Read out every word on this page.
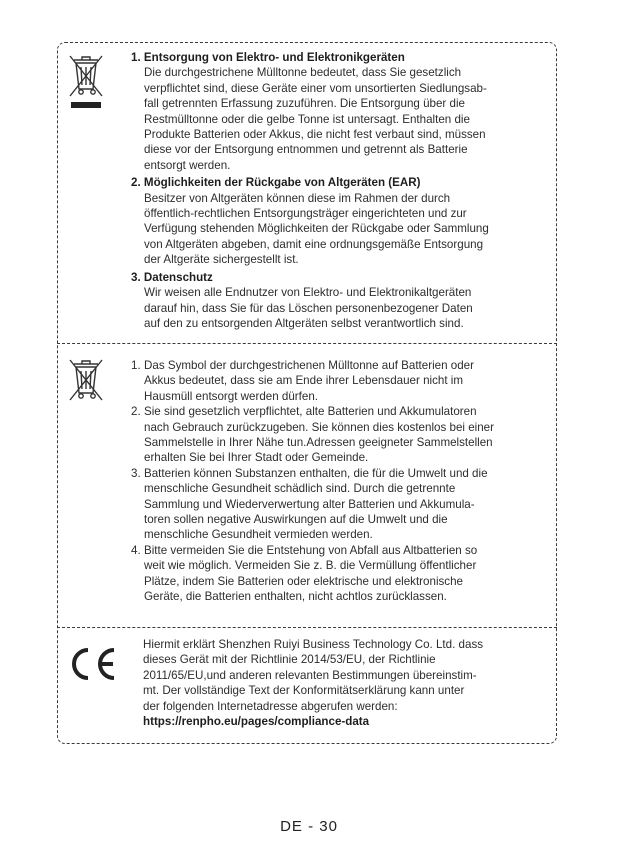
1. Entsorgung von Elektro- und Elektronikgeräten
Die durchgestrichene Mülltonne bedeutet, dass Sie gesetzlich
verpflichtet sind, diese Geräte einer vom unsortierten Siedlungsab-
fall getrennten Erfassung zuzuführen. Die Entsorgung über die
Restmülltonne oder die gelbe Tonne ist untersagt. Enthalten die
Produkte Batterien oder Akkus, die nicht fest verbaut sind, müssen
diese vor der Entsorgung entnommen und getrennt als Batterie
entsorgt werden.
2. Möglichkeiten der Rückgabe von Altgeräten (EAR)
Besitzer von Altgeräten können diese im Rahmen der durch
öffentlich-rechtlichen Entsorgungsträger eingerichteten und zur
Verfügung stehenden Möglichkeiten der Rückgabe oder Sammlung
von Altgeräten abgeben, damit eine ordnungsgemäße Entsorgung
der Altgeräte sichergestellt ist.
3. Datenschutz
Wir weisen alle Endnutzer von Elektro- und Elektronikaltgeräten
darauf hin, dass Sie für das Löschen personenbezogener Daten
auf den zu entsorgenden Altgeräten selbst verantwortlich sind.
1. Das Symbol der durchgestrichenen Mülltonne auf Batterien oder
Akkus bedeutet, dass sie am Ende ihrer Lebensdauer nicht im
Hausmüll entsorgt werden dürfen.
2. Sie sind gesetzlich verpflichtet, alte Batterien und Akkumulatoren
nach Gebrauch zurückzugeben. Sie können dies kostenlos bei einer
Sammelstelle in Ihrer Nähe tun.Adressen geeigneter Sammelstellen
erhalten Sie bei Ihrer Stadt oder Gemeinde.
3. Batterien können Substanzen enthalten, die für die Umwelt und die
menschliche Gesundheit schädlich sind. Durch die getrennte
Sammlung und Wiederverwertung alter Batterien und Akkumula-
toren sollen negative Auswirkungen auf die Umwelt und die
menschliche Gesundheit vermieden werden.
4. Bitte vermeiden Sie die Entstehung von Abfall aus Altbatterien so
weit wie möglich. Vermeiden Sie z. B. die Vermüllung öffentlicher
Plätze, indem Sie Batterien oder elektrische und elektronische
Geräte, die Batterien enthalten, nicht achtlos zurücklassen.
Hiermit erklärt Shenzhen Ruiyi Business Technology Co. Ltd. dass
dieses Gerät mit der Richtlinie 2014/53/EU, der Richtlinie
2011/65/EU,und anderen relevanten Bestimmungen übereinstim-
mt. Der vollständige Text der Konformitätserklärung kann unter
der folgenden Internetadresse abgerufen werden:
https://renpho.eu/pages/compliance-data
DE - 30
